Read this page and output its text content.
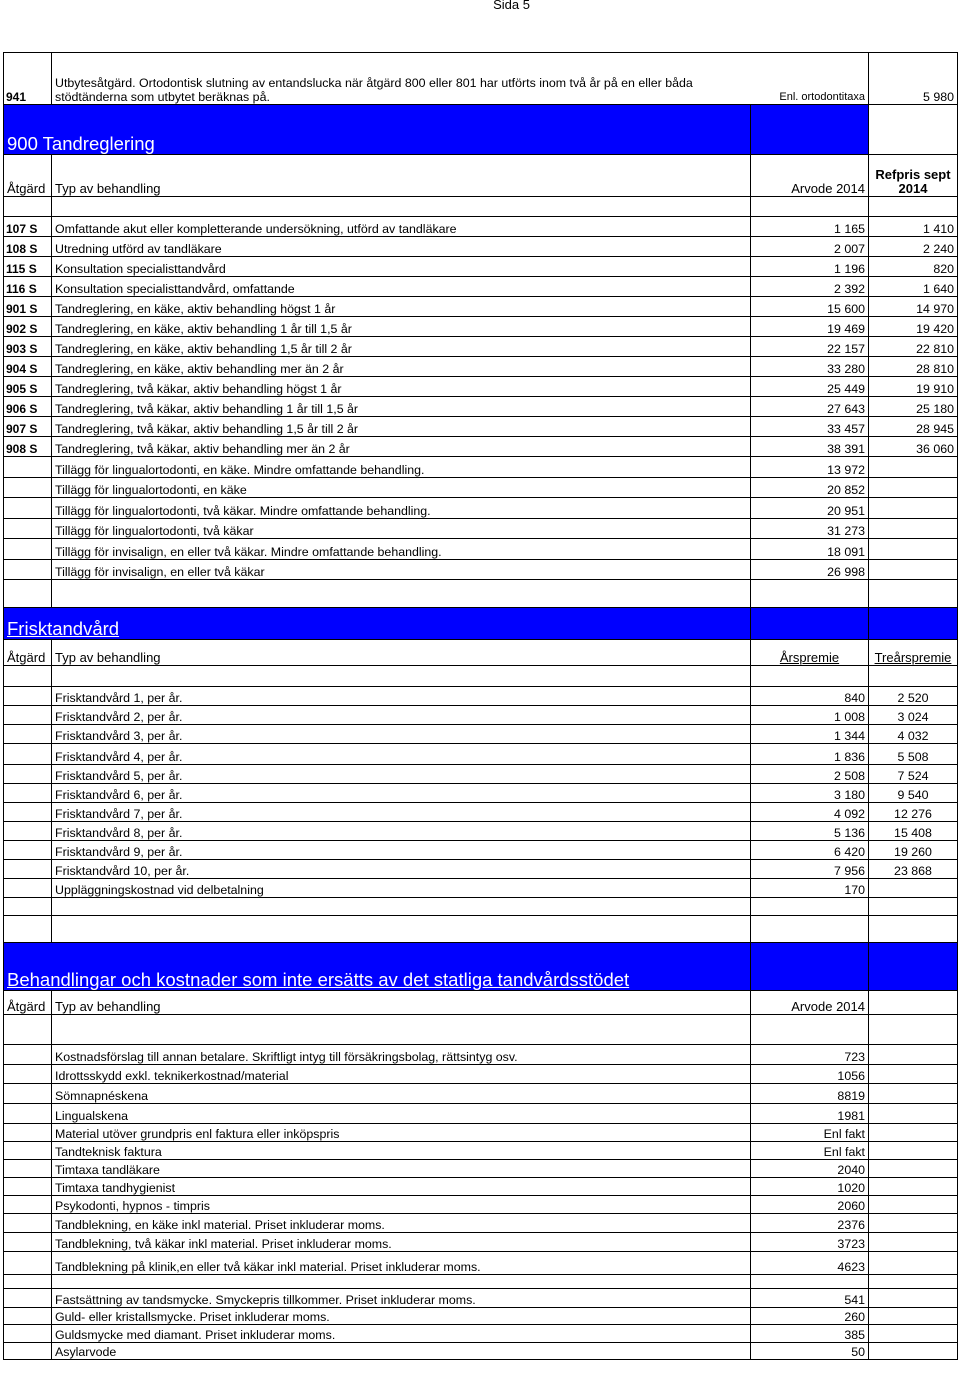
Sida 5
941	Utbytesåtgärd. Ortodontisk slutning av entandslucka när åtgärd 800 eller 801 har utförts inom två år på en eller båda
stödtänderna som utbytet beräknas på. Enl. ortodontitaxa		5 980
900 Tandreglering			
Åtgärd	Typ av behandling	Arvode 2014	Refpris sept 2014

107 S	Omfattande akut eller kompletterande undersökning, utförd av tandläkare	1 165	1 410
108 S	Utredning utförd av tandläkare	2 007	2 240
115 S	Konsultation specialisttandvård	1 196	820
116 S	Konsultation specialisttandvård, omfattande	2 392	1 640
901 S	Tandreglering, en käke, aktiv behandling högst 1 år	15 600	14 970
902 S	Tandreglering, en käke, aktiv behandling 1 år till 1,5 år	19 469	19 420
903 S	Tandreglering, en käke, aktiv behandling 1,5 år till 2 år	22 157	22 810
904 S	Tandreglering, en käke, aktiv behandling mer än 2 år	33 280	28 810
905 S	Tandreglering, två käkar, aktiv behandling högst 1 år	25 449	19 910
906 S	Tandreglering, två käkar, aktiv behandling 1 år till 1,5 år	27 643	25 180
907 S	Tandreglering, två käkar, aktiv behandling 1,5 år till 2 år	33 457	28 945
908 S	Tandreglering, två käkar, aktiv behandling mer än 2 år	38 391	36 060
	Tillägg för lingualortodonti, en käke. Mindre omfattande behandling.	13 972	
	Tillägg för lingualortodonti, en käke	20 852	
	Tillägg för lingualortodonti, två käkar. Mindre omfattande behandling.	20 951	
	Tillägg för lingualortodonti, två käkar	31 273	
	Tillägg för invisalign, en eller två käkar. Mindre omfattande behandling.	18 091	
	Tillägg för invisalign, en eller två käkar	26 998	

Frisktandvård			
Åtgärd	Typ av behandling	Årspremie	Treårspremie

	Frisktandvård 1, per år.	840	2 520
	Frisktandvård 2, per år.	1 008	3 024
	Frisktandvård 3, per år.	1 344	4 032
	Frisktandvård 4, per år.	1 836	5 508
	Frisktandvård 5, per år.	2 508	7 524
	Frisktandvård 6, per år.	3 180	9 540
	Frisktandvård 7, per år.	4 092	12 276
	Frisktandvård 8, per år.	5 136	15 408
	Frisktandvård 9, per år.	6 420	19 260
	Frisktandvård 10, per år.	7 956	23 868
	Uppläggningskostnad vid delbetalning	170	

Behandlingar och kostnader som inte ersätts av det statliga tandvårdsstödet			
Åtgärd	Typ av behandling	Arvode 2014	

	Kostnadsförslag till annan betalare. Skriftligt intyg till försäkringsbolag, rättsintyg osv.	723	
	Idrottsskydd exkl. teknikerkostnad/material	1056	
	Sömnapnéskena	8819	
	Lingualskena	1981	
	Material utöver grundpris enl faktura eller inköpspris	Enl fakt	
	Tandteknisk faktura	Enl fakt	
	Timtaxa tandläkare	2040	
	Timtaxa tandhygienist	1020	
	Psykodonti, hypnos - timpris	2060	
	Tandblekning, en käke inkl material. Priset inkluderar moms.	2376	
	Tandblekning, två käkar inkl material. Priset inkluderar moms.	3723	
	Tandblekning på klinik,en eller två käkar inkl material. Priset inkluderar moms.	4623	

	Fastsättning av tandsmycke. Smyckepris tillkommer. Priset inkluderar moms.	541	
	Guld- eller kristallsmycke. Priset inkluderar moms.	260	
	Guldsmycke med diamant. Priset inkluderar moms.	385	
	Asylarvode	50	
